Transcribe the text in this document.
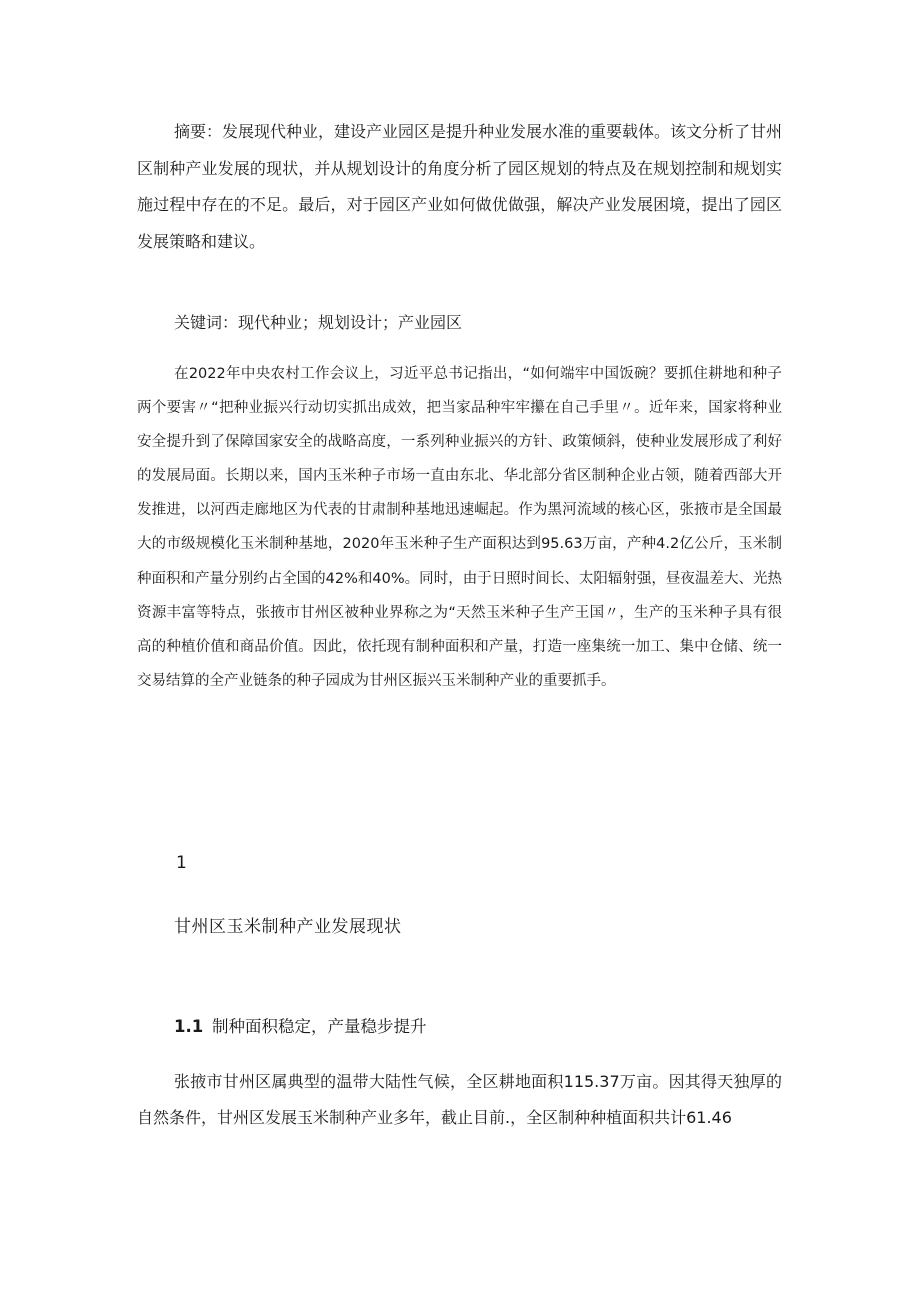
摘要：发展现代种业，建设产业园区是提升种业发展水准的重要载体。该文分析了甘州区制种产业发展的现状，并从规划设计的角度分析了园区规划的特点及在规划控制和规划实施过程中存在的不足。最后，对于园区产业如何做优做强，解决产业发展困境，提出了园区发展策略和建议。

关键词：现代种业；规划设计；产业园区

在2022年中央农村工作会议上，习近平总书记指出，“如何端牢中国饭碗？要抓住耕地和种子两个要害〃“把种业振兴行动切实抓出成效，把当家品种牢牢攥在自己手里〃。近年来，国家将种业安全提升到了保障国家安全的战略高度，一系列种业振兴的方针、政策倾斜，使种业发展形成了利好的发展局面。长期以来，国内玉米种子市场一直由东北、华北部分省区制种企业占领，随着西部大开发推进，以河西走廊地区为代表的甘肃制种基地迅速崛起。作为黑河流域的核心区，张掖市是全国最大的市级规模化玉米制种基地，2020年玉米种子生产面积达到95.63万亩，产种4.2亿公斤，玉米制种面积和产量分别约占全国的42%和40%。同时，由于日照时间长、太阳辐射强，昼夜温差大、光热资源丰富等特点，张掖市甘州区被种业界称之为“天然玉米种子生产王国〃，生产的玉米种子具有很高的种植价值和商品价值。因此，依托现有制种面积和产量，打造一座集统一加工、集中仓储、统一交易结算的全产业链条的种子园成为甘州区振兴玉米制种产业的重要抓手。

1
甘州区玉米制种产业发展现状
1.1 制种面积稳定，产量稳步提升

张掖市甘州区属典型的温带大陆性气候，全区耕地面积115.37万亩。因其得天独厚的自然条件，甘州区发展玉米制种产业多年，截止目前.，全区制种种植面积共计61.46
